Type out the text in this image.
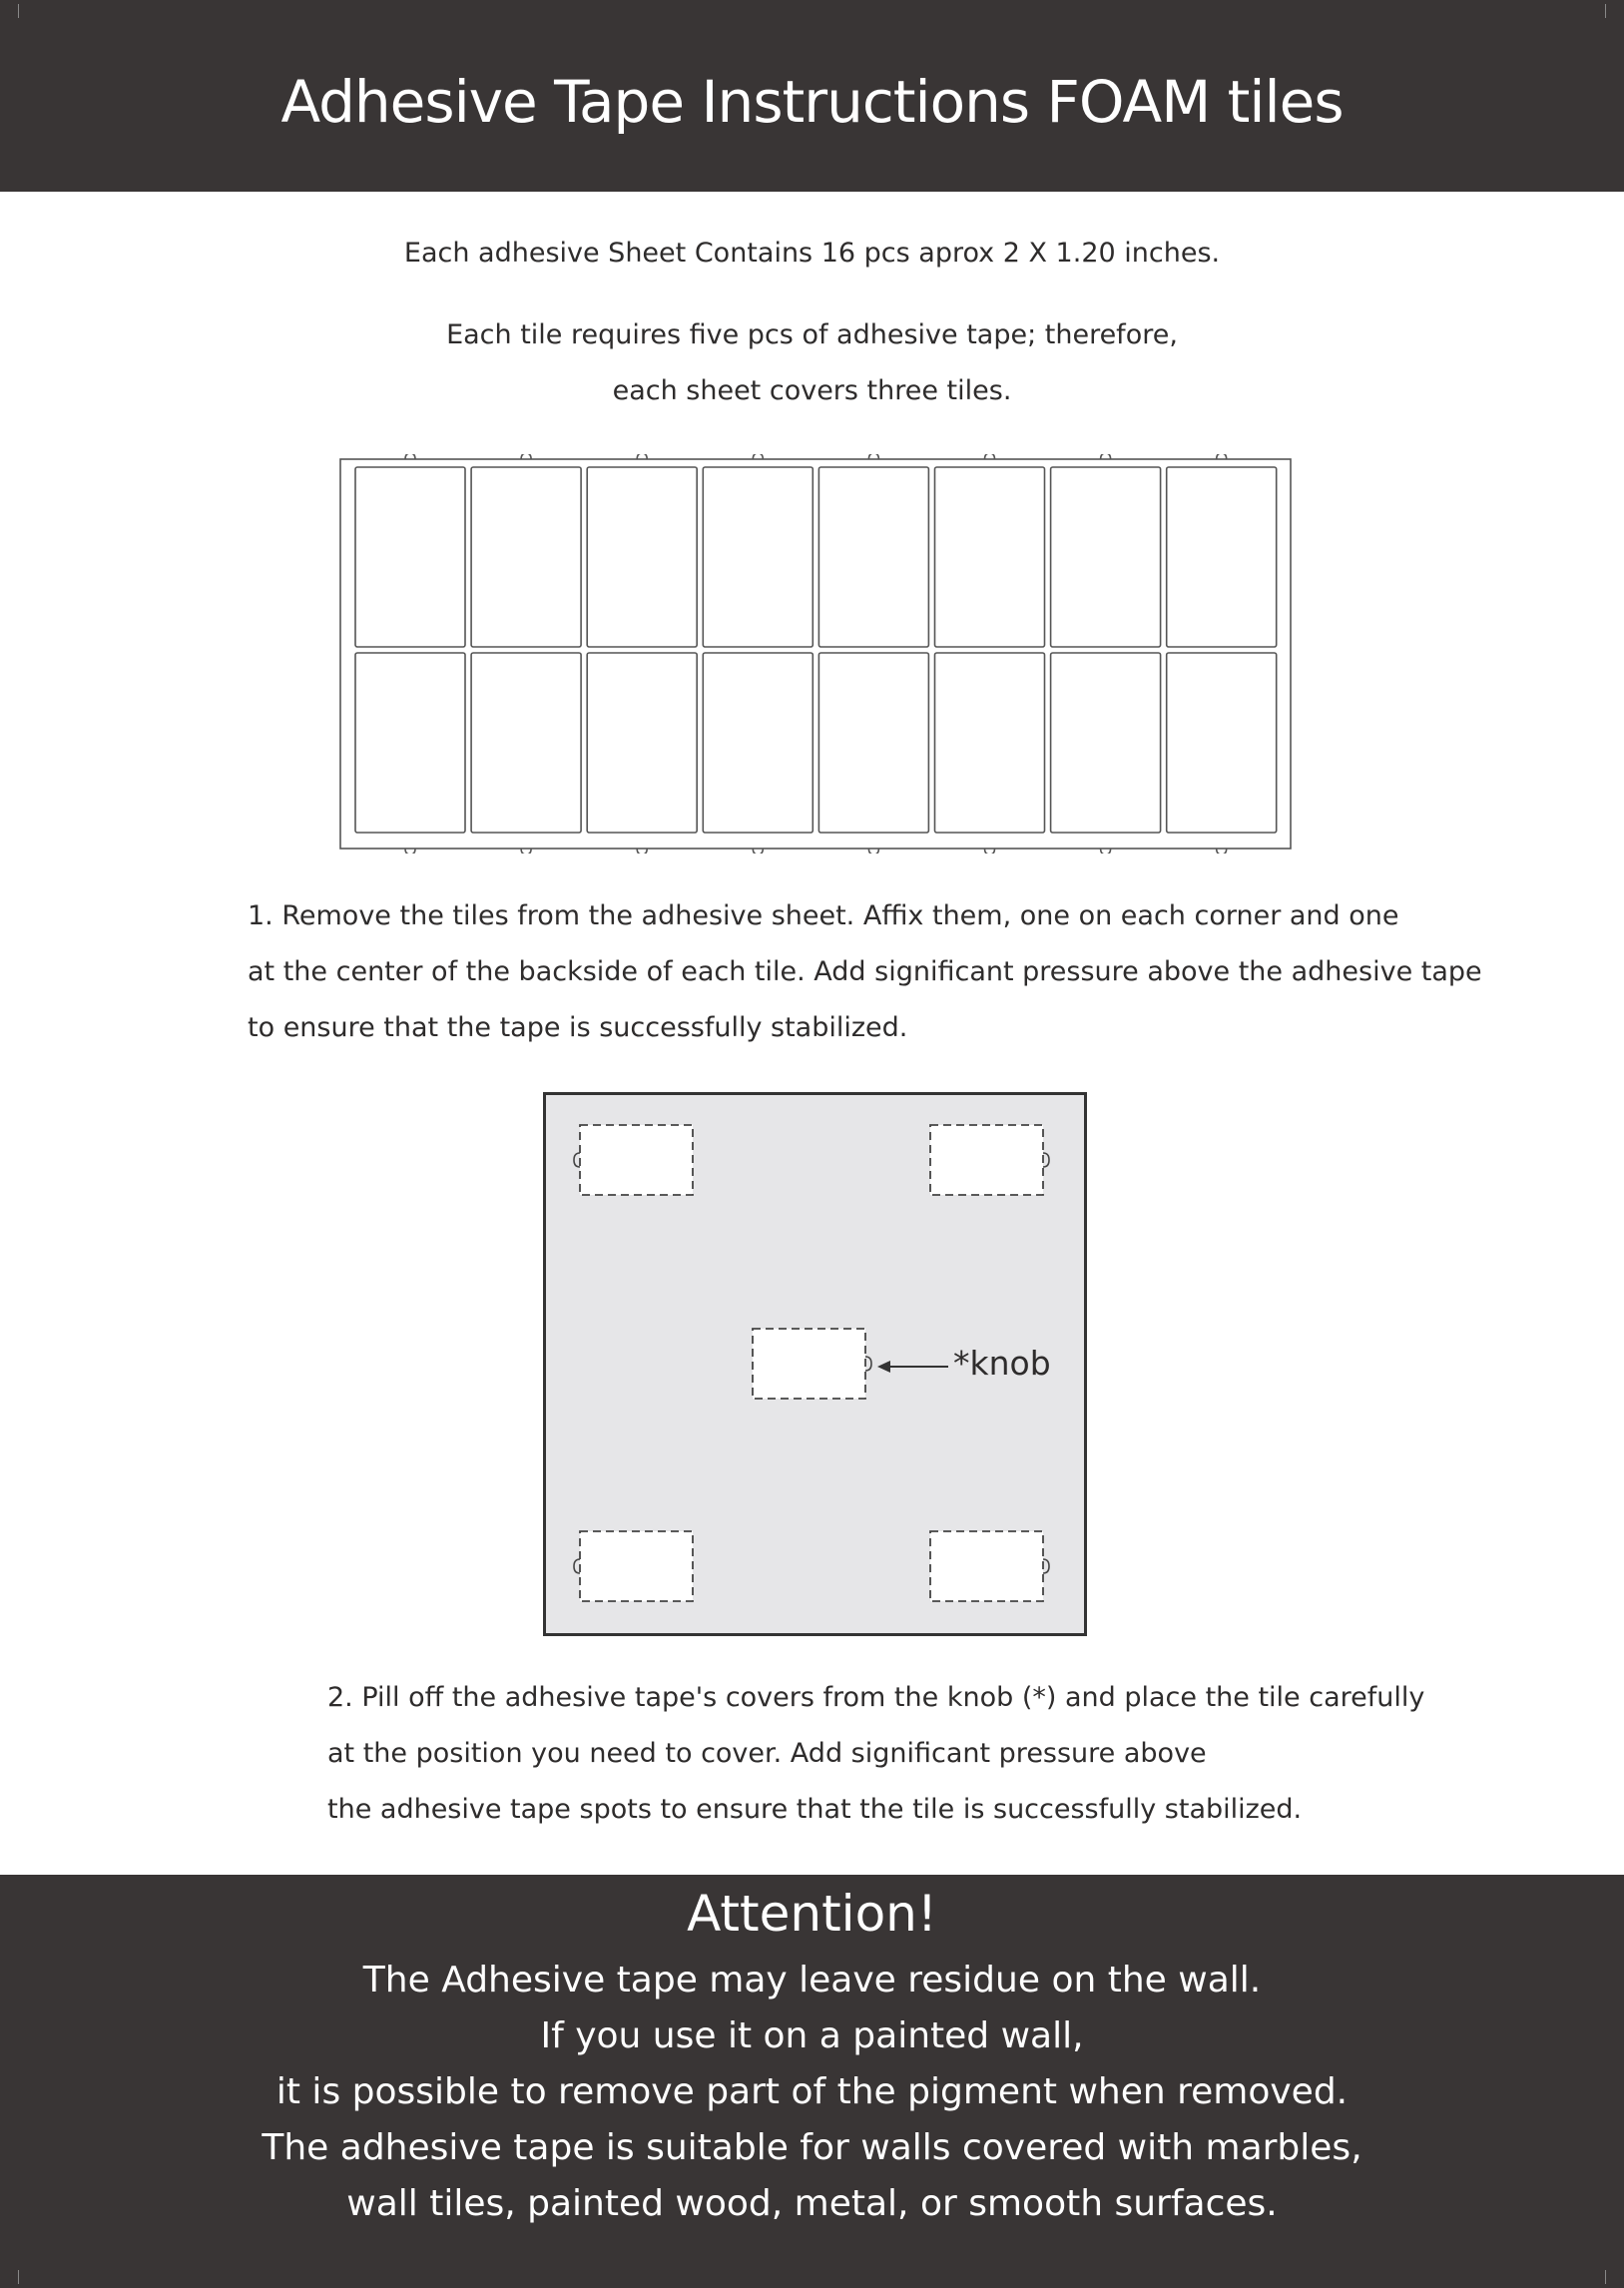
Adhesive Tape Instructions FOAM tiles

Each adhesive Sheet Contains 16 pcs aprox 2 X 1.20 inches.

Each tile requires five pcs of adhesive tape; therefore,

each sheet covers three tiles.

1. Remove the tiles from the adhesive sheet. Affix them, one on each corner and one
at the center of the backside of each tile. Add significant pressure above the adhesive tape
to ensure that the tape is successfully stabilized.
*knob
2. Pill off the adhesive tape's covers from the knob (*) and place the tile carefully
at the position you need to cover. Add significant pressure above
the adhesive tape spots to ensure that the tile is successfully stabilized.
Attention!
The Adhesive tape may leave residue on the wall.
If you use it on a painted wall,
it is possible to remove part of the pigment when removed.
The adhesive tape is suitable for walls covered with marbles,
wall tiles, painted wood, metal, or smooth surfaces.
